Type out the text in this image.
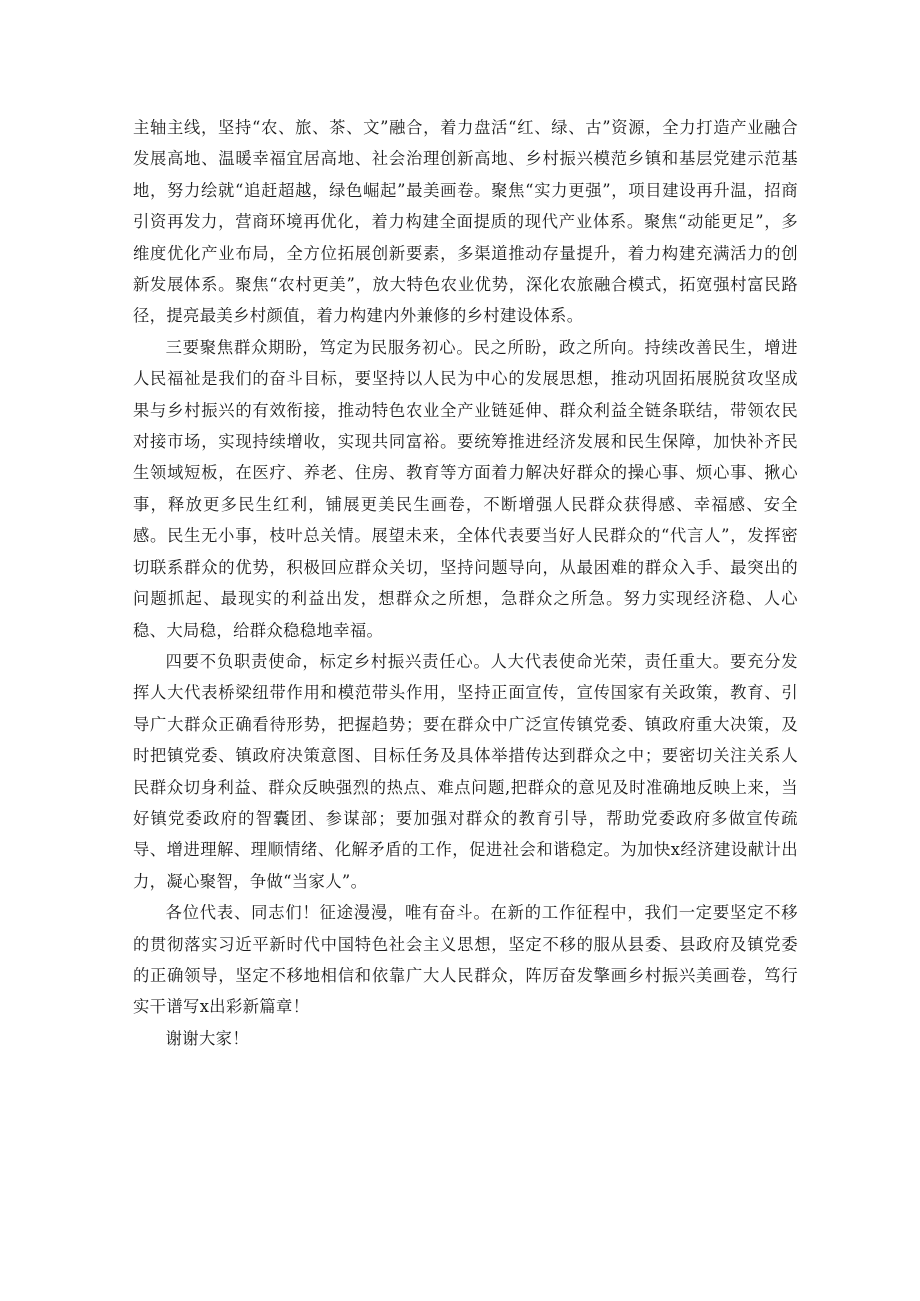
主轴主线，坚持“农、旅、茶、文”融合，着力盘活“红、绿、古”资源，全力打造产业融合发展高地、温暖幸福宜居高地、社会治理创新高地、乡村振兴模范乡镇和基层党建示范基地，努力绘就“追赶超越，绿色崛起”最美画卷。聚焦“实力更强”，项目建设再升温，招商引资再发力，营商环境再优化，着力构建全面提质的现代产业体系。聚焦“动能更足”，多维度优化产业布局，全方位拓展创新要素，多渠道推动存量提升，着力构建充满活力的创新发展体系。聚焦“农村更美”，放大特色农业优势，深化农旅融合模式，拓宽强村富民路径，提亮最美乡村颜值，着力构建内外兼修的乡村建设体系。

三要聚焦群众期盼，笃定为民服务初心。民之所盼，政之所向。持续改善民生，增进人民福祉是我们的奋斗目标，要坚持以人民为中心的发展思想，推动巩固拓展脱贫攻坚成果与乡村振兴的有效衔接，推动特色农业全产业链延伸、群众利益全链条联结，带领农民对接市场，实现持续增收，实现共同富裕。要统筹推进经济发展和民生保障，加快补齐民生领域短板，在医疗、养老、住房、教育等方面着力解决好群众的操心事、烦心事、揪心事，释放更多民生红利，铺展更美民生画卷，不断增强人民群众获得感、幸福感、安全感。民生无小事，枝叶总关情。展望未来，全体代表要当好人民群众的“代言人”，发挥密切联系群众的优势，积极回应群众关切，坚持问题导向，从最困难的群众入手、最突出的问题抓起、最现实的利益出发，想群众之所想，急群众之所急。努力实现经济稳、人心稳、大局稳，给群众稳稳地幸福。

四要不负职责使命，标定乡村振兴责任心。人大代表使命光荣，责任重大。要充分发挥人大代表桥梁纽带作用和模范带头作用，坚持正面宣传，宣传国家有关政策，教育、引导广大群众正确看待形势，把握趋势；要在群众中广泛宣传镇党委、镇政府重大决策，及时把镇党委、镇政府决策意图、目标任务及具体举措传达到群众之中；要密切关注关系人民群众切身利益、群众反映强烈的热点、难点问题,把群众的意见及时准确地反映上来，当好镇党委政府的智囊团、参谋部；要加强对群众的教育引导，帮助党委政府多做宣传疏导、增进理解、理顺情绪、化解矛盾的工作，促进社会和谐稳定。为加快x经济建设献计出力，凝心聚智，争做“当家人”。

各位代表、同志们！征途漫漫，唯有奋斗。在新的工作征程中，我们一定要坚定不移的贯彻落实习近平新时代中国特色社会主义思想，坚定不移的服从县委、县政府及镇党委的正确领导，坚定不移地相信和依靠广大人民群众，阵厉奋发擎画乡村振兴美画卷，笃行实干谱写x出彩新篇章！

谢谢大家！
